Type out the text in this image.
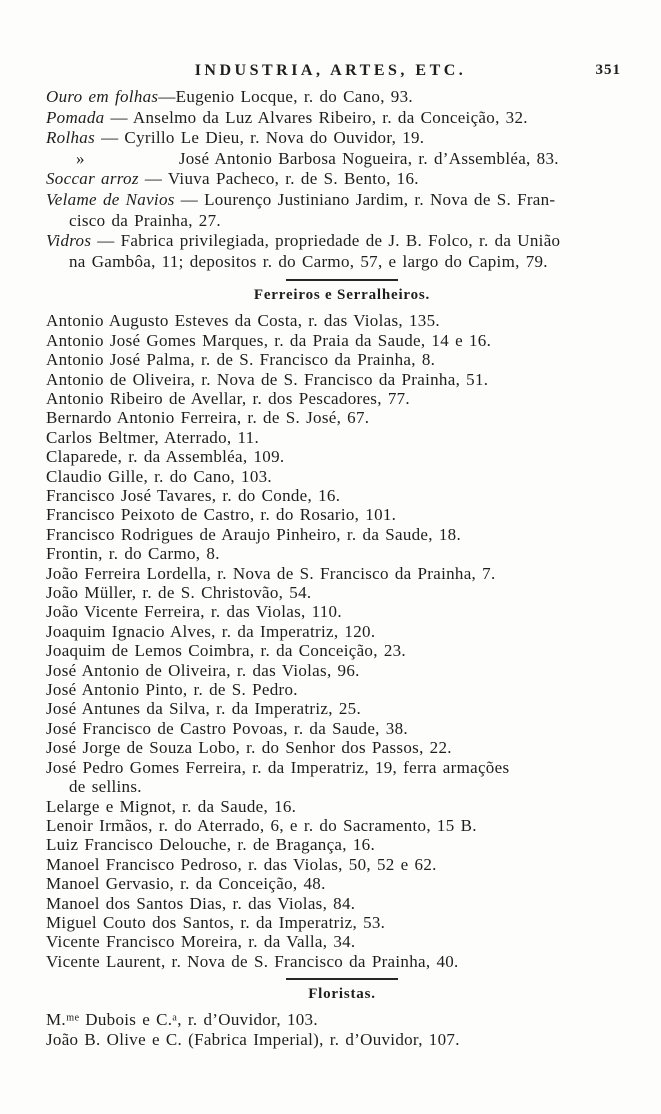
INDUSTRIA, ARTES, ETC.	351
Ouro em folhas—Eugenio Locque, r. do Cano, 93.
Pomada — Anselmo da Luz Alvares Ribeiro, r. da Conceição, 32.
Rolhas — Cyrillo Le Dieu, r. Nova do Ouvidor, 19.
»	José Antonio Barbosa Nogueira, r. d’Assembléa, 83.
Soccar arroz — Viuva Pacheco, r. de S. Bento, 16.
Velame de Navios — Lourenço Justiniano Jardim, r. Nova de S. Fran-
cisco da Prainha, 27.
Vidros — Fabrica privilegiada, propriedade de J. B. Folco, r. da União
na Gambôa, 11; depositos r. do Carmo, 57, e largo do Capim, 79.
Ferreiros e Serralheiros.
Antonio Augusto Esteves da Costa, r. das Violas, 135.
Antonio José Gomes Marques, r. da Praia da Saude, 14 e 16.
Antonio José Palma, r. de S. Francisco da Prainha, 8.
Antonio de Oliveira, r. Nova de S. Francisco da Prainha, 51.
Antonio Ribeiro de Avellar, r. dos Pescadores, 77.
Bernardo Antonio Ferreira, r. de S. José, 67.
Carlos Beltmer, Aterrado, 11.
Claparede, r. da Assembléa, 109.
Claudio Gille, r. do Cano, 103.
Francisco José Tavares, r. do Conde, 16.
Francisco Peixoto de Castro, r. do Rosario, 101.
Francisco Rodrigues de Araujo Pinheiro, r. da Saude, 18.
Frontin, r. do Carmo, 8.
João Ferreira Lordella, r. Nova de S. Francisco da Prainha, 7.
João Müller, r. de S. Christovão, 54.
João Vicente Ferreira, r. das Violas, 110.
Joaquim Ignacio Alves, r. da Imperatriz, 120.
Joaquim de Lemos Coimbra, r. da Conceição, 23.
José Antonio de Oliveira, r. das Violas, 96.
José Antonio Pinto, r. de S. Pedro.
José Antunes da Silva, r. da Imperatriz, 25.
José Francisco de Castro Povoas, r. da Saude, 38.
José Jorge de Souza Lobo, r. do Senhor dos Passos, 22.
José Pedro Gomes Ferreira, r. da Imperatriz, 19, ferra armações
de sellins.
Lelarge e Mignot, r. da Saude, 16.
Lenoir Irmãos, r. do Aterrado, 6, e r. do Sacramento, 15 B.
Luiz Francisco Delouche, r. de Bragança, 16.
Manoel Francisco Pedroso, r. das Violas, 50, 52 e 62.
Manoel Gervasio, r. da Conceição, 48.
Manoel dos Santos Dias, r. das Violas, 84.
Miguel Couto dos Santos, r. da Imperatriz, 53.
Vicente Francisco Moreira, r. da Valla, 34.
Vicente Laurent, r. Nova de S. Francisco da Prainha, 40.
Floristas.
M.ᵐᵉ Dubois e C.ᵃ, r. d’Ouvidor, 103.
João B. Olive e C. (Fabrica Imperial), r. d’Ouvidor, 107.
